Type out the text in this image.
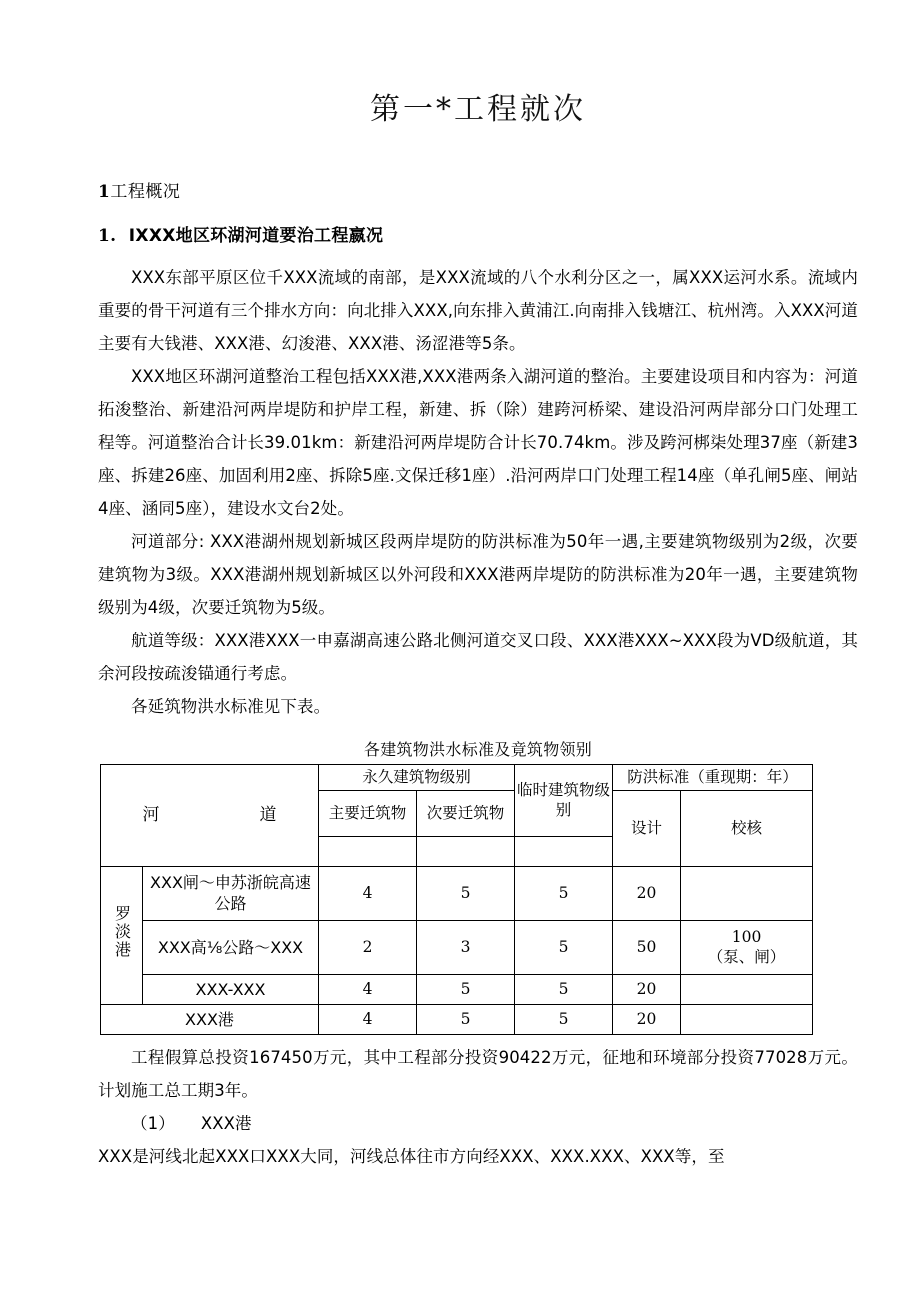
第一*工程就次
1工程概况
1. IXXX地区环湖河道要治工程嬴况

XXX东部平原区位千XXX流域的南部，是XXX流域的八个水利分区之一，属XXX运河水系。流域内重要的骨干河道有三个排水方向：向北排入XXX,向东排入黄浦江.向南排入钱塘江、杭州湾。入XXX河道主要有大钱港、XXX港、幻浚港、XXX港、汤涩港等5条。

XXX地区环湖河道整治工程包括XXX港,XXX港两条入湖河道的整治。主要建设项目和内容为：河道拓浚整治、新建沿河两岸堤防和护岸工程，新建、拆（除）建跨河桥梁、建设沿河两岸部分口门处理工程等。河道整治合计长39.01km：新建沿河两岸堤防合计长70.74km。涉及跨河梆柒处理37座（新建3座、拆建26座、加固利用2座、拆除5座.文保迁移1座）.沿河两岸口门处理工程14座（单孔闸5座、闸站4座、涵同5座），建设水文台2处。

河道部分: XXX港湖州规划新城区段两岸堤防的防洪标准为50年一遇,主要建筑物级别为2级，次要建筑物为3级。XXX港湖州规划新城区以外河段和XXX港两岸堤防的防洪标准为20年一遇，主要建筑物级别为4级，次要迁筑物为5级。

航道等级：XXX港XXX一申嘉湖高速公路北侧河道交叉口段、XXX港XXX~XXX段为VD级航道，其余河段按疏浚锚通行考虑。

各延筑物洪水标准见下表。

各建筑物洪水标准及竟筑物领别
河　　道		永久建筑物级别		临时建筑物级别	防洪标准（重现期：年）	
		主要迁筑物	次要迁筑物		设计	校核

罗淡港	XXX闸〜申苏浙皖高速公路	4	5	5	20	
	XXX高⅛公路〜XXX	2	3	5	50	100
（泵、闸）

	XXX-XXX	4	5	5	20	
XXX港		4	5	5	20	

工程假算总投资167450万元，其中工程部分投资90422万元，征地和环境部分投资77028万元。计划施工总工期3年。

（1） XXX港

XXX是河线北起XXX口XXX大同，河线总体往市方向经XXX、XXX.XXX、XXX等，至
